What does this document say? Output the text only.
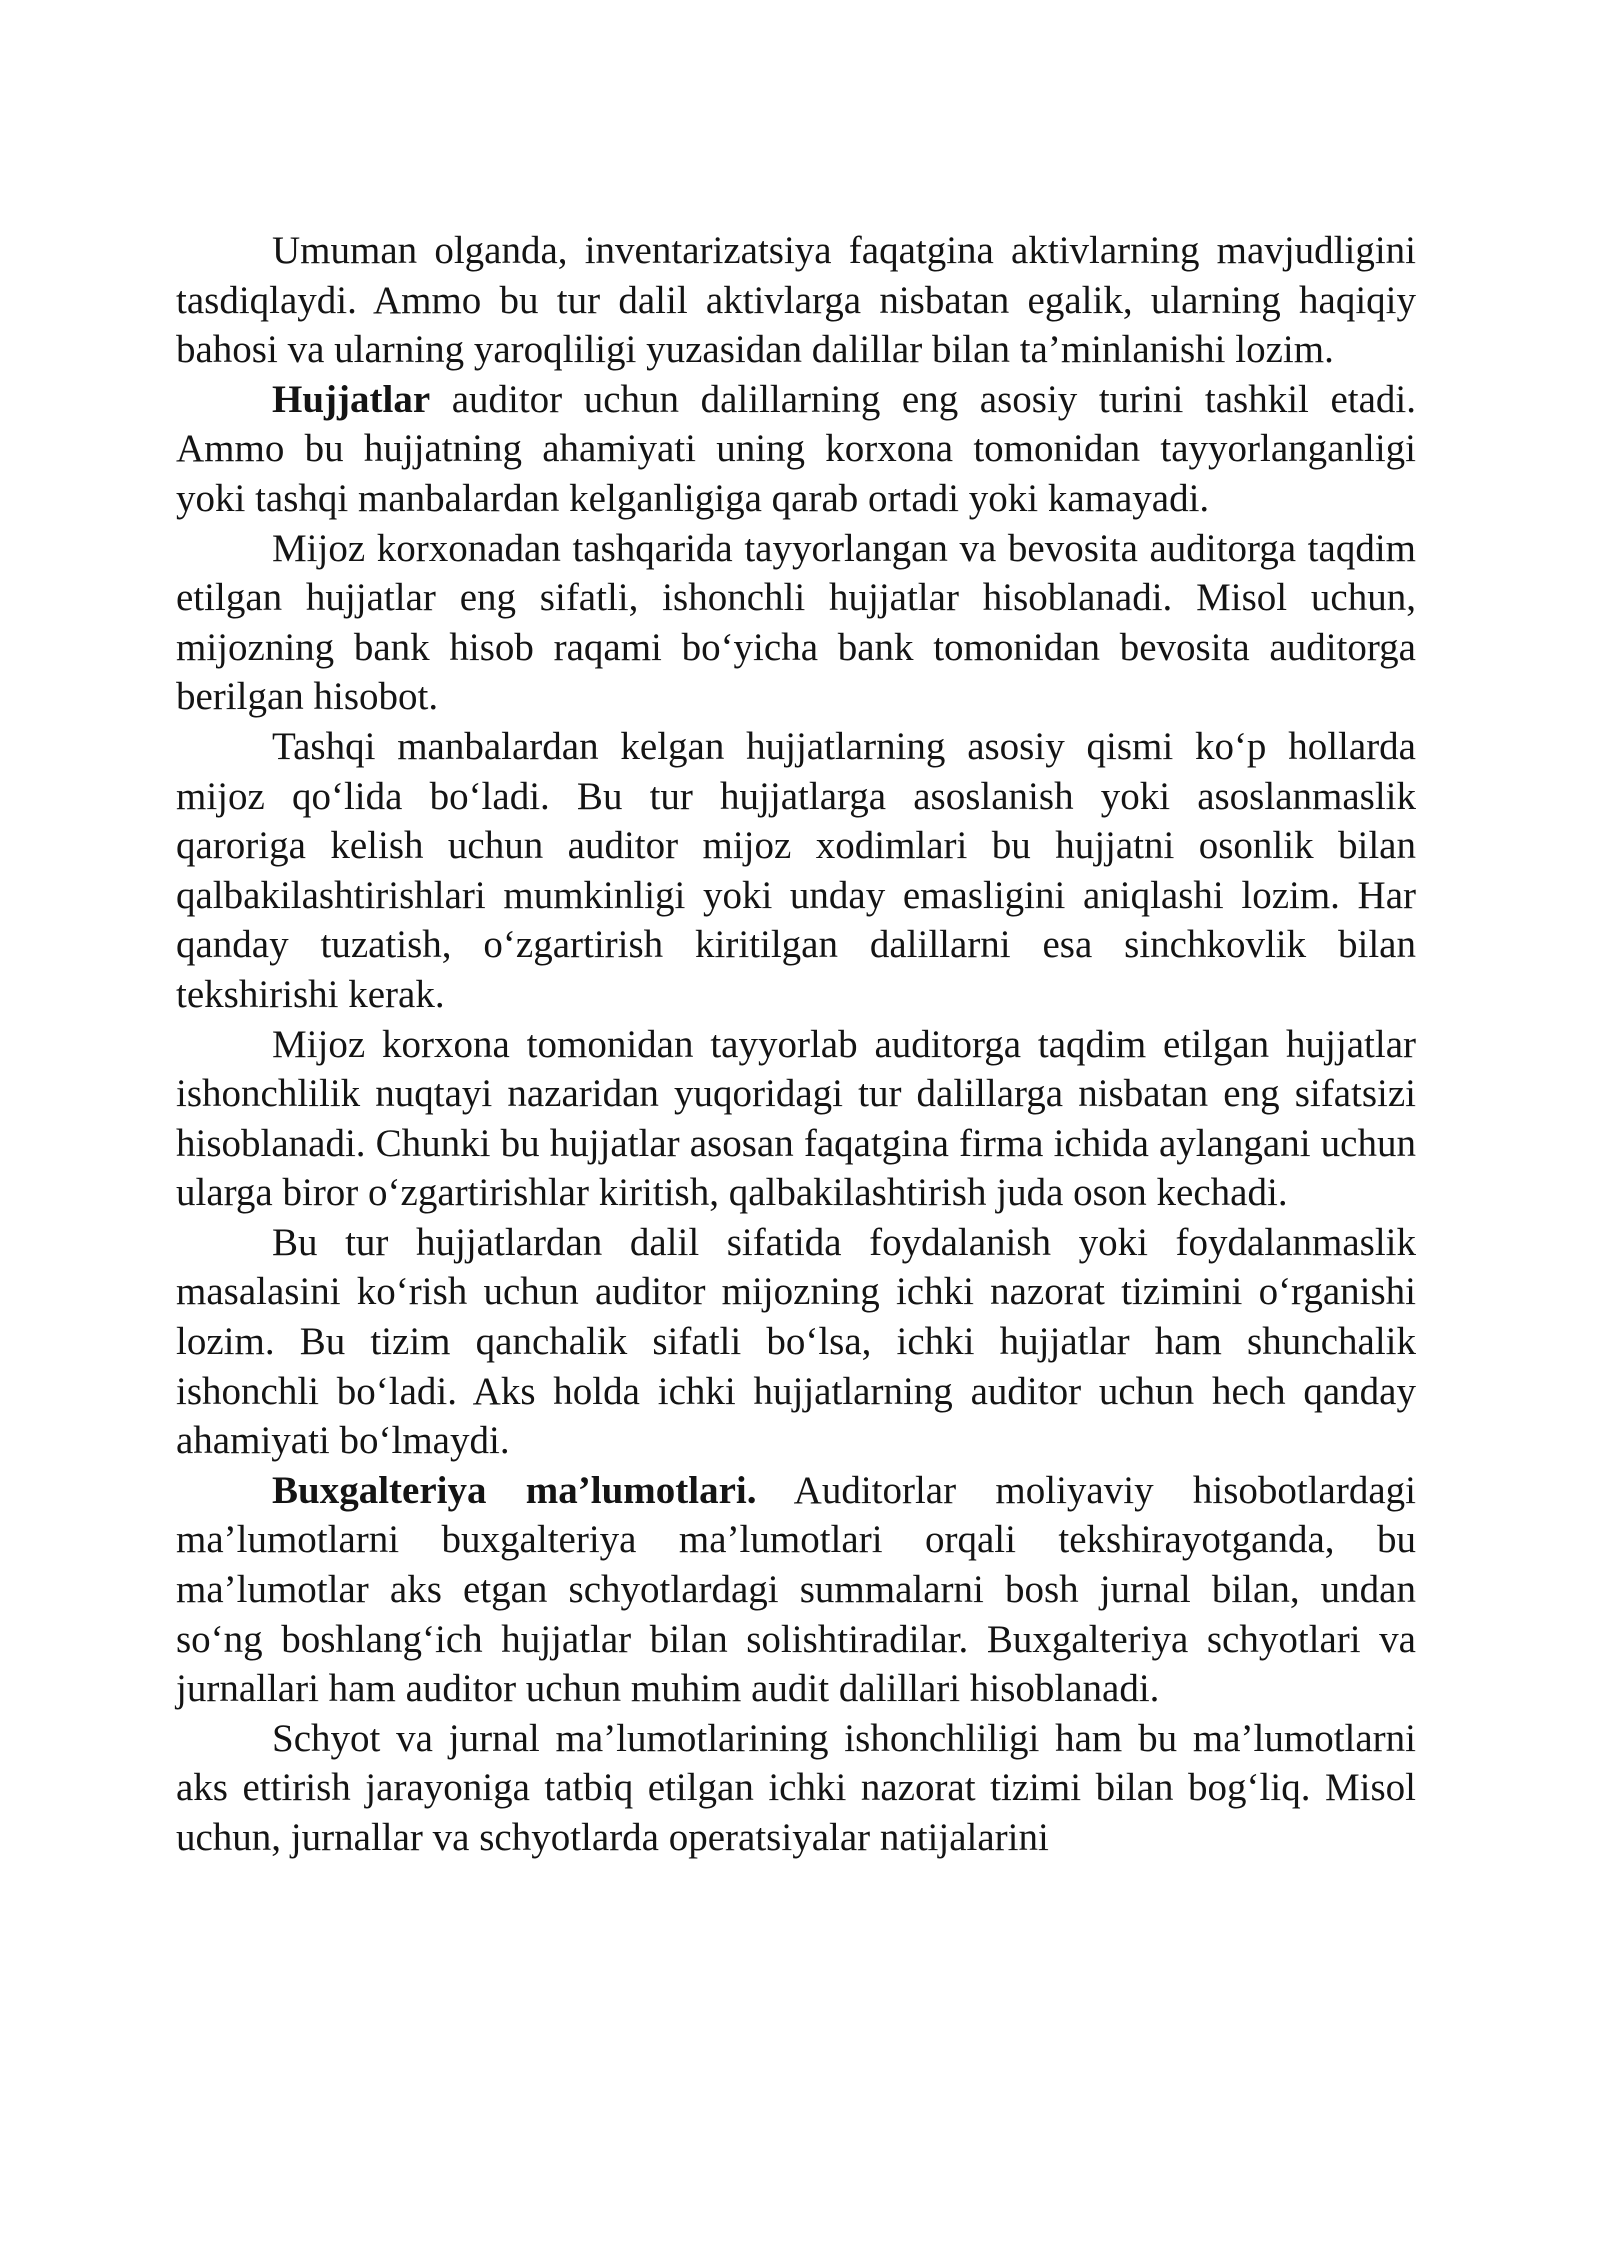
Umuman olganda, inventarizatsiya faqatgina aktivlarning mavjudligini tasdiqlaydi. Ammo bu tur dalil aktivlarga nisbatan egalik, ularning haqiqiy bahosi va ularning yaroqliligi yuzasidan dalillar bilan ta’minlanishi lozim.

Hujjatlar auditor uchun dalillarning eng asosiy turini tashkil etadi. Ammo bu hujjatning ahamiyati uning korxona tomonidan tayyorlanganligi yoki tashqi manbalardan kelganligiga qarab ortadi yoki kamayadi.

Mijoz korxonadan tashqarida tayyorlangan va bevosita auditorga taqdim etilgan hujjatlar eng sifatli, ishonchli hujjatlar hisoblanadi. Misol uchun, mijozning bank hisob raqami bo‘yicha bank tomonidan bevosita auditorga berilgan hisobot.

Tashqi manbalardan kelgan hujjatlarning asosiy qismi ko‘p hollarda mijoz qo‘lida bo‘ladi. Bu tur hujjatlarga asoslanish yoki asoslanmaslik qaroriga kelish uchun auditor mijoz xodimlari bu hujjatni osonlik bilan qalbakilashtirishlari mumkinligi yoki unday emasligini aniqlashi lozim. Har qanday tuzatish, o‘zgartirish kiritilgan dalillarni esa sinchkovlik bilan tekshirishi kerak.

Mijoz korxona tomonidan tayyorlab auditorga taqdim etilgan hujjatlar ishonchlilik nuqtayi nazaridan yuqoridagi tur dalillarga nisbatan eng sifatsizi hisoblanadi. Chunki bu hujjatlar asosan faqatgina firma ichida aylangani uchun ularga biror o‘zgartirishlar kiritish, qalbakilashtirish juda oson kechadi.

Bu tur hujjatlardan dalil sifatida foydalanish yoki foydalanmaslik masalasini ko‘rish uchun auditor mijozning ichki nazorat tizimini o‘rganishi lozim. Bu tizim qanchalik sifatli bo‘lsa, ichki hujjatlar ham shunchalik ishonchli bo‘ladi. Aks holda ichki hujjatlarning auditor uchun hech qanday ahamiyati bo‘lmaydi.

Buxgalteriya ma’lumotlari. Auditorlar moliyaviy hisobotlardagi ma’lumotlarni buxgalteriya ma’lumotlari orqali tekshirayotganda, bu ma’lumotlar aks etgan schyotlardagi summalarni bosh jurnal bilan, undan so‘ng boshlang‘ich hujjatlar bilan solishtiradilar. Buxgalteriya schyotlari va jurnallari ham auditor uchun muhim audit dalillari hisoblanadi.

Schyot va jurnal ma’lumotlarining ishonchliligi ham bu ma’lumotlarni aks ettirish jarayoniga tatbiq etilgan ichki nazorat tizimi bilan bog‘liq. Misol uchun, jurnallar va schyotlarda operatsiyalar natijalarini
